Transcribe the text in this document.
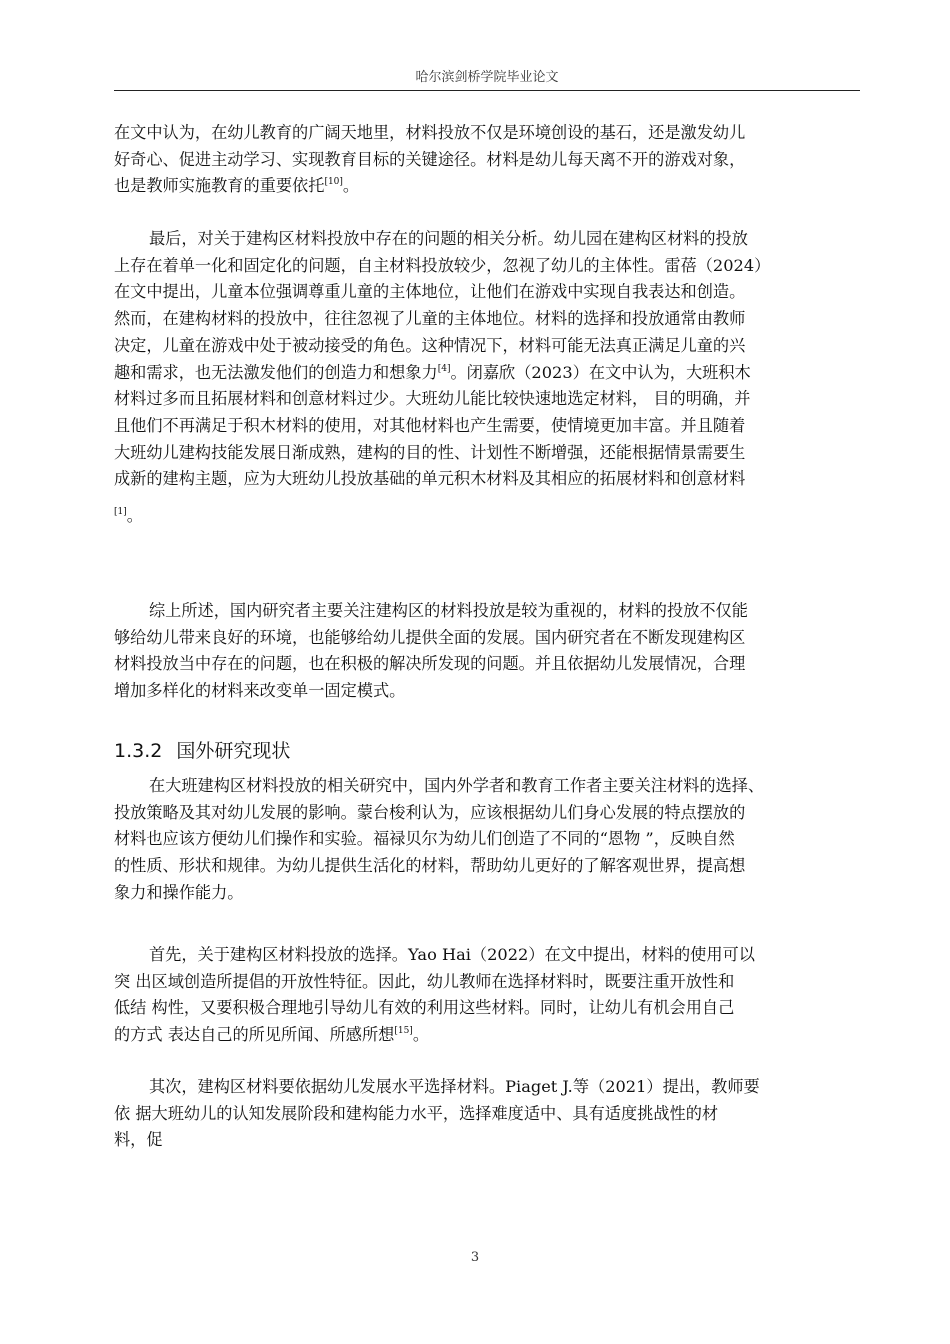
哈尔滨剑桥学院毕业论文

在文中认为，在幼儿教育的广阔天地里，材料投放不仅是环境创设的基石，还是激发幼儿
好奇心、促进主动学习、实现教育目标的关键途径。材料是幼儿每天离不开的游戏对象，
也是教师实施教育的重要依托[10]。

最后，对关于建构区材料投放中存在的问题的相关分析。幼儿园在建构区材料的投放
上存在着单一化和固定化的问题，自主材料投放较少，忽视了幼儿的主体性。雷蓓（2024）
在文中提出，儿童本位强调尊重儿童的主体地位，让他们在游戏中实现自我表达和创造。
然而，在建构材料的投放中，往往忽视了儿童的主体地位。材料的选择和投放通常由教师
决定，儿童在游戏中处于被动接受的角色。这种情况下，材料可能无法真正满足儿童的兴
趣和需求，也无法激发他们的创造力和想象力[4]。闭嘉欣（2023）在文中认为，大班积木
材料过多而且拓展材料和创意材料过少。大班幼儿能比较快速地选定材料， 目的明确，并
且他们不再满足于积木材料的使用，对其他材料也产生需要，使情境更加丰富。并且随着
大班幼儿建构技能发展日渐成熟，建构的目的性、计划性不断增强，还能根据情景需要生
成新的建构主题，应为大班幼儿投放基础的单元积木材料及其相应的拓展材料和创意材料
[1]。

综上所述，国内研究者主要关注建构区的材料投放是较为重视的，材料的投放不仅能
够给幼儿带来良好的环境，也能够给幼儿提供全面的发展。国内研究者在不断发现建构区
材料投放当中存在的问题，也在积极的解决所发现的问题。并且依据幼儿发展情况，合理
增加多样化的材料来改变单一固定模式。

1.3.2 国外研究现状

在大班建构区材料投放的相关研究中，国内外学者和教育工作者主要关注材料的选择、
投放策略及其对幼儿发展的影响。蒙台梭利认为，应该根据幼儿们身心发展的特点摆放的
材料也应该方便幼儿们操作和实验。福禄贝尔为幼儿们创造了不同的“恩物 ”，反映自然
的性质、形状和规律。为幼儿提供生活化的材料，帮助幼儿更好的了解客观世界，提高想
象力和操作能力。

首先，关于建构区材料投放的选择。Yao Hai（2022）在文中提出，材料的使用可以
突 出区域创造所提倡的开放性特征。因此，幼儿教师在选择材料时，既要注重开放性和
低结 构性，又要积极合理地引导幼儿有效的利用这些材料。同时，让幼儿有机会用自己
的方式 表达自己的所见所闻、所感所想[15]。

其次，建构区材料要依据幼儿发展水平选择材料。Piaget J.等（2021）提出，教师要
依 据大班幼儿的认知发展阶段和建构能力水平，选择难度适中、具有适度挑战性的材
料，促

3
